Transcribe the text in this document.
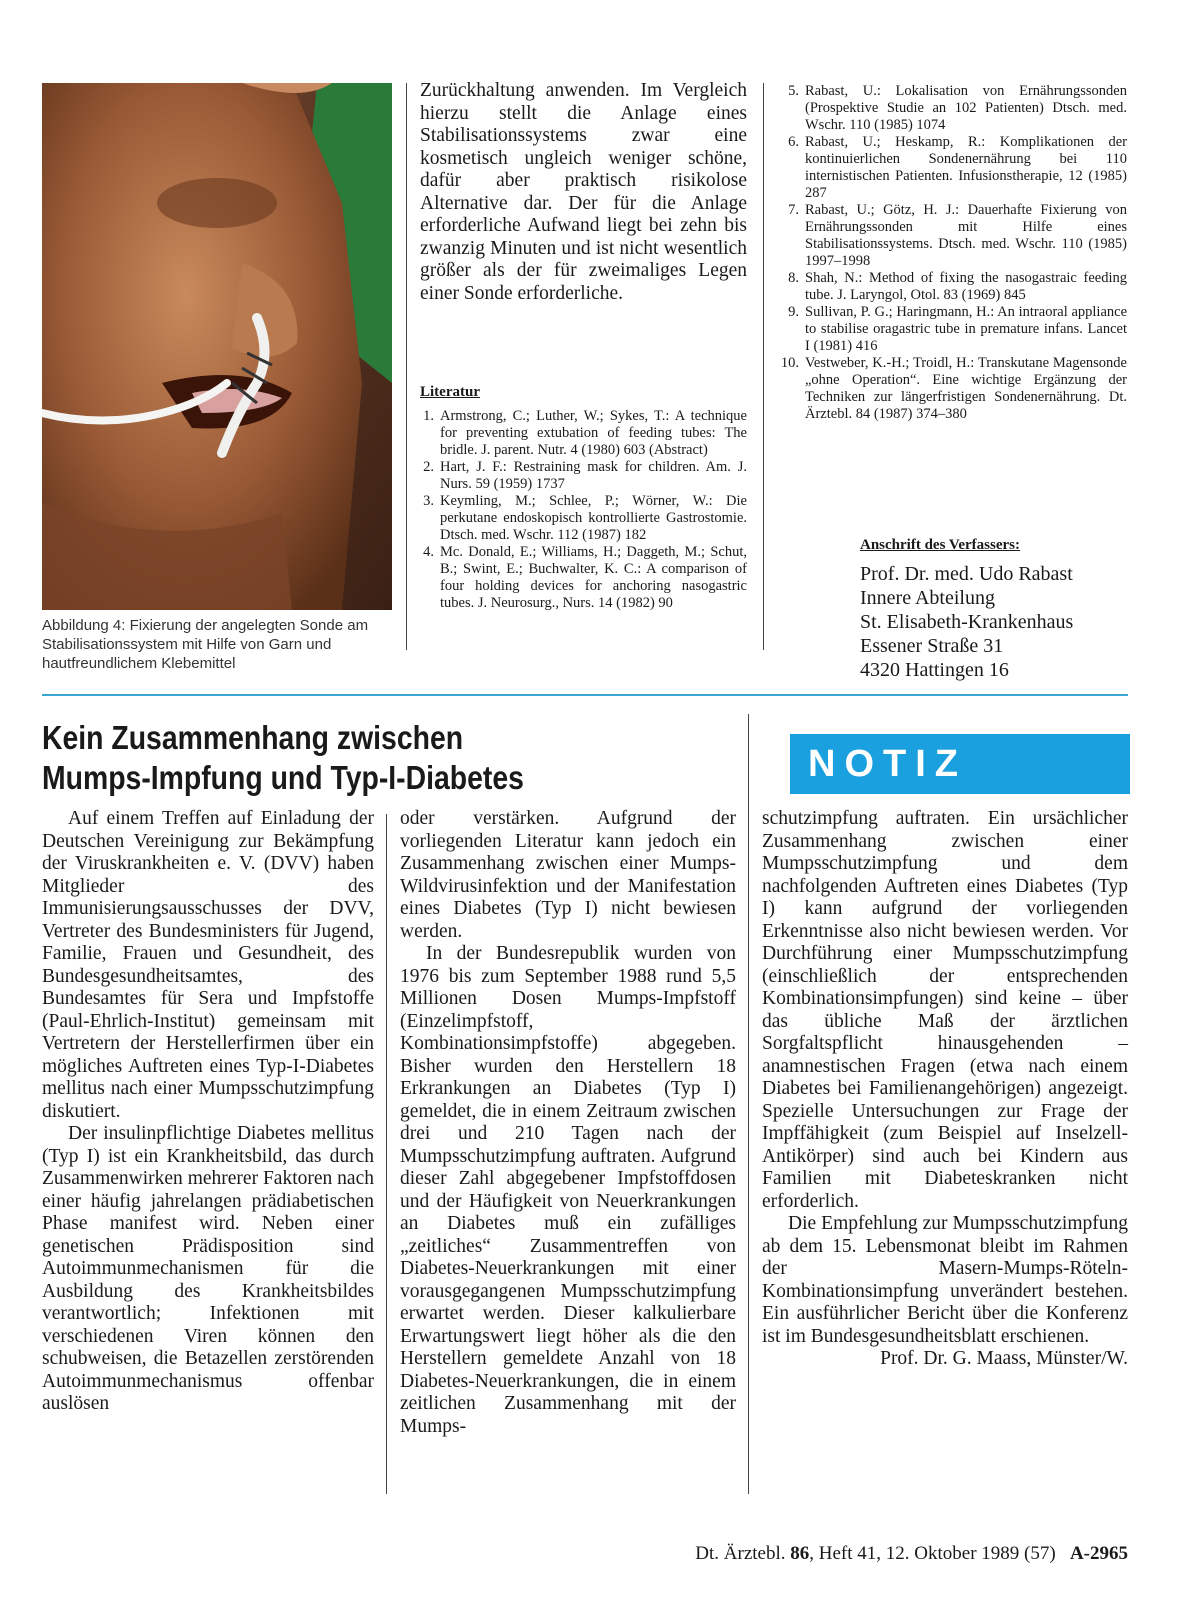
Abbildung 4: Fixierung der angelegten Sonde am Stabilisationssystem mit Hilfe von Garn und hautfreundlichem Klebemittel

Zurückhaltung anwenden. Im Vergleich hierzu stellt die Anlage eines Stabilisationssystems zwar eine kosmetisch ungleich weniger schöne, dafür aber praktisch risikolose Alternative dar. Der für die Anlage erforderliche Aufwand liegt bei zehn bis zwanzig Minuten und ist nicht wesentlich größer als der für zweimaliges Legen einer Sonde erforderliche.

Literatur
1. Armstrong, C.; Luther, W.; Sykes, T.: A technique for preventing extubation of feeding tubes: The bridle. J. parent. Nutr. 4 (1980) 603 (Abstract)
2. Hart, J. F.: Restraining mask for children. Am. J. Nurs. 59 (1959) 1737
3. Keymling, M.; Schlee, P.; Wörner, W.: Die perkutane endoskopisch kontrollierte Gastrostomie. Dtsch. med. Wschr. 112 (1987) 182
4. Mc. Donald, E.; Williams, H.; Daggeth, M.; Schut, B.; Swint, E.; Buchwalter, K. C.: A comparison of four holding devices for anchoring nasogastric tubes. J. Neurosurg., Nurs. 14 (1982) 90
5. Rabast, U.: Lokalisation von Ernährungssonden (Prospektive Studie an 102 Patienten) Dtsch. med. Wschr. 110 (1985) 1074
6. Rabast, U.; Heskamp, R.: Komplikationen der kontinuierlichen Sondenernährung bei 110 internistischen Patienten. Infusionstherapie, 12 (1985) 287
7. Rabast, U.; Götz, H. J.: Dauerhafte Fixierung von Ernährungssonden mit Hilfe eines Stabilisationssystems. Dtsch. med. Wschr. 110 (1985) 1997–1998
8. Shah, N.: Method of fixing the nasogastraic feeding tube. J. Laryngol, Otol. 83 (1969) 845
9. Sullivan, P. G.; Haringmann, H.: An intraoral appliance to stabilise oragastric tube in premature infans. Lancet I (1981) 416
10. Vestweber, K.-H.; Troidl, H.: Transkutane Magensonde „ohne Operation“. Eine wichtige Ergänzung der Techniken zur längerfristigen Sondenernährung. Dt. Ärztebl. 84 (1987) 374–380
Anschrift des Verfassers:
Prof. Dr. med. Udo Rabast
Innere Abteilung
St. Elisabeth-Krankenhaus
Essener Straße 31
4320 Hattingen 16
Kein Zusammenhang zwischen
Mumps-Impfung und Typ-I-Diabetes	NOTIZ

Auf einem Treffen auf Einladung der Deutschen Vereinigung zur Bekämpfung der Viruskrankheiten e. V. (DVV) haben Mitglieder des Immunisierungsausschusses der DVV, Vertreter des Bundesministers für Jugend, Familie, Frauen und Gesundheit, des Bundesgesundheitsamtes, des Bundesamtes für Sera und Impfstoffe (Paul-Ehrlich-Institut) gemeinsam mit Vertretern der Herstellerfirmen über ein mögliches Auftreten eines Typ-I-Diabetes mellitus nach einer Mumpsschutzimpfung diskutiert.

Der insulinpflichtige Diabetes mellitus (Typ I) ist ein Krankheitsbild, das durch Zusammenwirken mehrerer Faktoren nach einer häufig jahrelangen prädiabetischen Phase manifest wird. Neben einer genetischen Prädisposition sind Autoimmunmechanismen für die Ausbildung des Krankheitsbildes verantwortlich; Infektionen mit verschiedenen Viren können den schubweisen, die Betazellen zerstörenden Autoimmunmechanismus offenbar auslösen

oder verstärken. Aufgrund der vorliegenden Literatur kann jedoch ein Zusammenhang zwischen einer Mumps-Wildvirusinfektion und der Manifestation eines Diabetes (Typ I) nicht bewiesen werden.

In der Bundesrepublik wurden von 1976 bis zum September 1988 rund 5,5 Millionen Dosen Mumps-Impfstoff (Einzelimpfstoff, Kombinationsimpfstoffe) abgegeben. Bisher wurden den Herstellern 18 Erkrankungen an Diabetes (Typ I) gemeldet, die in einem Zeitraum zwischen drei und 210 Tagen nach der Mumpsschutzimpfung auftraten. Aufgrund dieser Zahl abgegebener Impfstoffdosen und der Häufigkeit von Neuerkrankungen an Diabetes muß ein zufälliges „zeitliches“ Zusammentreffen von Diabetes-Neuerkrankungen mit einer vorausgegangenen Mumpsschutzimpfung erwartet werden. Dieser kalkulierbare Erwartungswert liegt höher als die den Herstellern gemeldete Anzahl von 18 Diabetes-Neuerkrankungen, die in einem zeitlichen Zusammenhang mit der Mumps-

schutzimpfung auftraten. Ein ursächlicher Zusammenhang zwischen einer Mumpsschutzimpfung und dem nachfolgenden Auftreten eines Diabetes (Typ I) kann aufgrund der vorliegenden Erkenntnisse also nicht bewiesen werden. Vor Durchführung einer Mumpsschutzimpfung (einschließlich der entsprechenden Kombinationsimpfungen) sind keine – über das übliche Maß der ärztlichen Sorgfaltspflicht hinausgehenden – anamnestischen Fragen (etwa nach einem Diabetes bei Familienangehörigen) angezeigt. Spezielle Untersuchungen zur Frage der Impffähigkeit (zum Beispiel auf Inselzell-Antikörper) sind auch bei Kindern aus Familien mit Diabeteskranken nicht erforderlich.

Die Empfehlung zur Mumpsschutzimpfung ab dem 15. Lebensmonat bleibt im Rahmen der Masern-Mumps-Röteln-Kombinationsimpfung unverändert bestehen. Ein ausführlicher Bericht über die Konferenz ist im Bundesgesundheitsblatt erschienen.

Prof. Dr. G. Maass, Münster/W.

Dt. Ärztebl. 86, Heft 41, 12. Oktober 1989 (57) A-2965
